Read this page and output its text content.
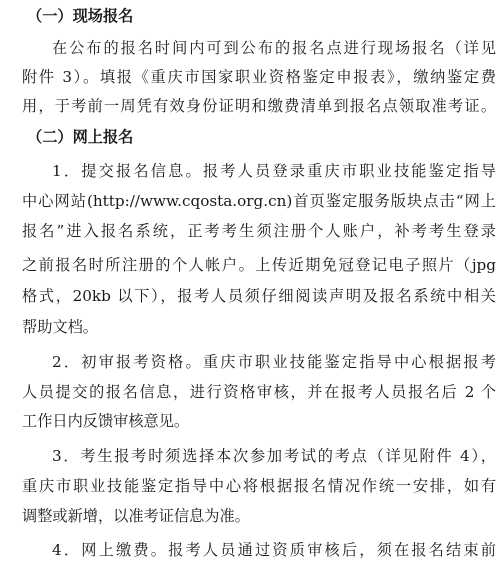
（一）现场报名
在公布的报名时间内可到公布的报名点进行现场报名（详见
附件 3）。填报《重庆市国家职业资格鉴定申报表》，缴纳鉴定费
用，于考前一周凭有效身份证明和缴费清单到报名点领取准考证。
（二）网上报名
1．提交报名信息。报考人员登录重庆市职业技能鉴定指导
中心网站(http://www.cqosta.org.cn)首页鉴定服务版块点击“网上
报名”进入报名系统，正考考生须注册个人账户，补考考生登录
之前报名时所注册的个人帐户。上传近期免冠登记电子照片（jpg
格式，20kb 以下），报考人员须仔细阅读声明及报名系统中相关
帮助文档。
2．初审报考资格。重庆市职业技能鉴定指导中心根据报考
人员提交的报名信息，进行资格审核，并在报考人员报名后 2 个
工作日内反馈审核意见。
3．考生报考时须选择本次参加考试的考点（详见附件 4），
重庆市职业技能鉴定指导中心将根据报名情况作统一安排，如有
调整或新增，以准考证信息为准。
4．网上缴费。报考人员通过资质审核后，须在报名结束前
